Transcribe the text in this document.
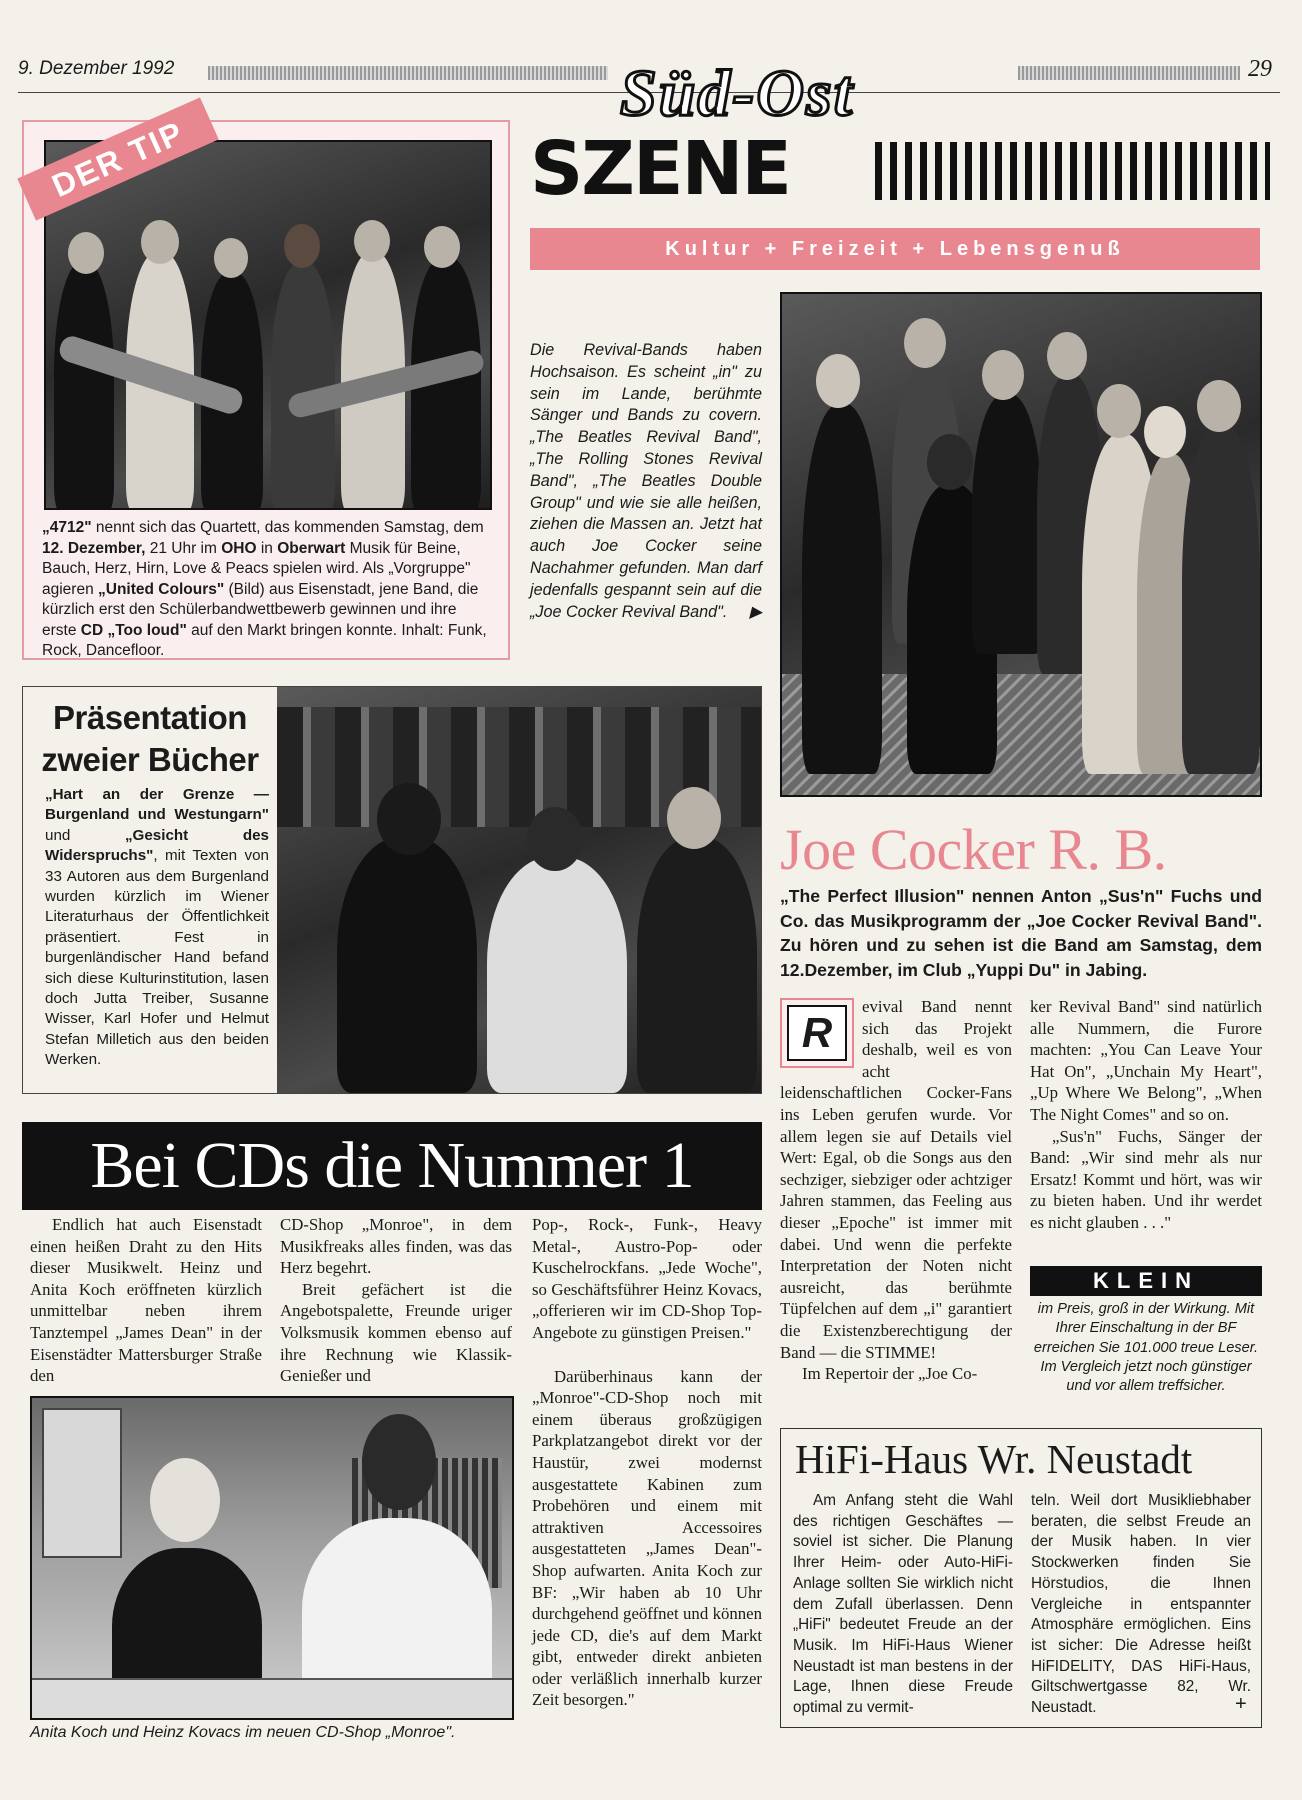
9. Dezember 1992	29
Süd-Ost
SZENE
Kultur + Freizeit + Lebensgenuß
DER TIP
„4712" nennt sich das Quartett, das kommenden Samstag, dem 12. Dezember, 21 Uhr im OHO in Oberwart Musik für Beine, Bauch, Herz, Hirn, Love & Peacs spielen wird. Als „Vorgruppe" agieren „United Colours" (Bild) aus Eisenstadt, jene Band, die kürzlich erst den Schülerbandwettbewerb gewinnen und ihre erste CD „Too loud" auf den Markt bringen konnte. Inhalt: Funk, Rock, Dancefloor.
Die Revival-Bands haben Hochsaison. Es scheint „in" zu sein im Lande, berühmte Sänger und Bands zu covern. „The Beatles Revival Band", „The Rolling Stones Revival Band", „The Beatles Double Group" und wie sie alle heißen, ziehen die Massen an. Jetzt hat auch Joe Cocker seine Nachahmer gefunden. Man darf jedenfalls gespannt sein auf die „Joe Cocker Revival Band". ▶
Präsentation
zweier Bücher
„Hart an der Grenze — Burgenland und Westungarn" und „Gesicht des Widerspruchs", mit Texten von 33 Autoren aus dem Burgenland wurden kürzlich im Wiener Literaturhaus der Öffentlichkeit präsentiert. Fest in burgenländischer Hand befand sich diese Kulturinstitution, lasen doch Jutta Treiber, Susanne Wisser, Karl Hofer und Helmut Stefan Milletich aus den beiden Werken.
Joe Cocker R. B.
„The Perfect Illusion" nennen Anton „Sus'n" Fuchs und Co. das Musikprogramm der „Joe Cocker Revival Band". Zu hören und zu sehen ist die Band am Samstag, dem 12.Dezember, im Club „Yuppi Du" in Jabing.
R
evival Band nennt sich das Projekt deshalb, weil es von acht leidenschaftlichen Cocker-Fans ins Leben gerufen wurde. Vor allem legen sie auf Details viel Wert: Egal, ob die Songs aus den sechziger, siebziger oder achtziger Jahren stammen, das Feeling aus dieser „Epoche" ist immer mit dabei. Und wenn die perfekte Interpretation der Noten nicht ausreicht, das berühmte Tüpfelchen auf dem „i" garantiert die Existenzberechtigung der Band — die STIMME!
Im Repertoir der „Joe Co-
ker Revival Band" sind natürlich alle Nummern, die Furore machten: „You Can Leave Your Hat On", „Unchain My Heart", „Up Where We Belong", „When The Night Comes" and so on.
„Sus'n" Fuchs, Sänger der Band: „Wir sind mehr als nur Ersatz! Kommt und hört, was wir zu bieten haben. Und ihr werdet es nicht glauben . . ."
KLEIN
im Preis, groß in der Wirkung. Mit Ihrer Einschaltung in der BF erreichen Sie 101.000 treue Leser. Im Vergleich jetzt noch günstiger und vor allem treffsicher.
Bei CDs die Nummer 1
Endlich hat auch Eisenstadt einen heißen Draht zu den Hits dieser Musikwelt. Heinz und Anita Koch eröffneten kürzlich unmittelbar neben ihrem Tanztempel „James Dean" in der Eisenstädter Mattersburger Straße den
CD-Shop „Monroe", in dem Musikfreaks alles finden, was das Herz begehrt.
Breit gefächert ist die Angebotspalette, Freunde uriger Volksmusik kommen ebenso auf ihre Rechnung wie Klassik-Genießer und
Pop-, Rock-, Funk-, Heavy Metal-, Austro-Pop- oder Kuschelrockfans. „Jede Woche", so Geschäftsführer Heinz Kovacs, „offerieren wir im CD-Shop Top-Angebote zu günstigen Preisen."
Darüberhinaus kann der „Monroe"-CD-Shop noch mit einem überaus großzügigen Parkplatzangebot direkt vor der Haustür, zwei modernst ausgestattete Kabinen zum Probehören und einem mit attraktiven Accessoires ausgestatteten „James Dean"-Shop aufwarten. Anita Koch zur BF: „Wir haben ab 10 Uhr durchgehend geöffnet und können jede CD, die's auf dem Markt gibt, entweder direkt anbieten oder verläßlich innerhalb kurzer Zeit besorgen."
Anita Koch und Heinz Kovacs im neuen CD-Shop „Monroe".
HiFi-Haus Wr. Neustadt
Am Anfang steht die Wahl des richtigen Geschäftes — soviel ist sicher. Die Planung Ihrer Heim- oder Auto-HiFi-Anlage sollten Sie wirklich nicht dem Zufall überlassen. Denn „HiFi" bedeutet Freude an der Musik. Im HiFi-Haus Wiener Neustadt ist man bestens in der Lage, Ihnen diese Freude optimal zu vermit-
teln. Weil dort Musikliebhaber beraten, die selbst Freude an der Musik haben. In vier Stockwerken finden Sie Hörstudios, die Ihnen Vergleiche in entspannter Atmosphäre ermöglichen. Eins ist sicher: Die Adresse heißt HiFIDELITY, DAS HiFi-Haus, Giltschwertgasse 82, Wr. Neustadt.	+
